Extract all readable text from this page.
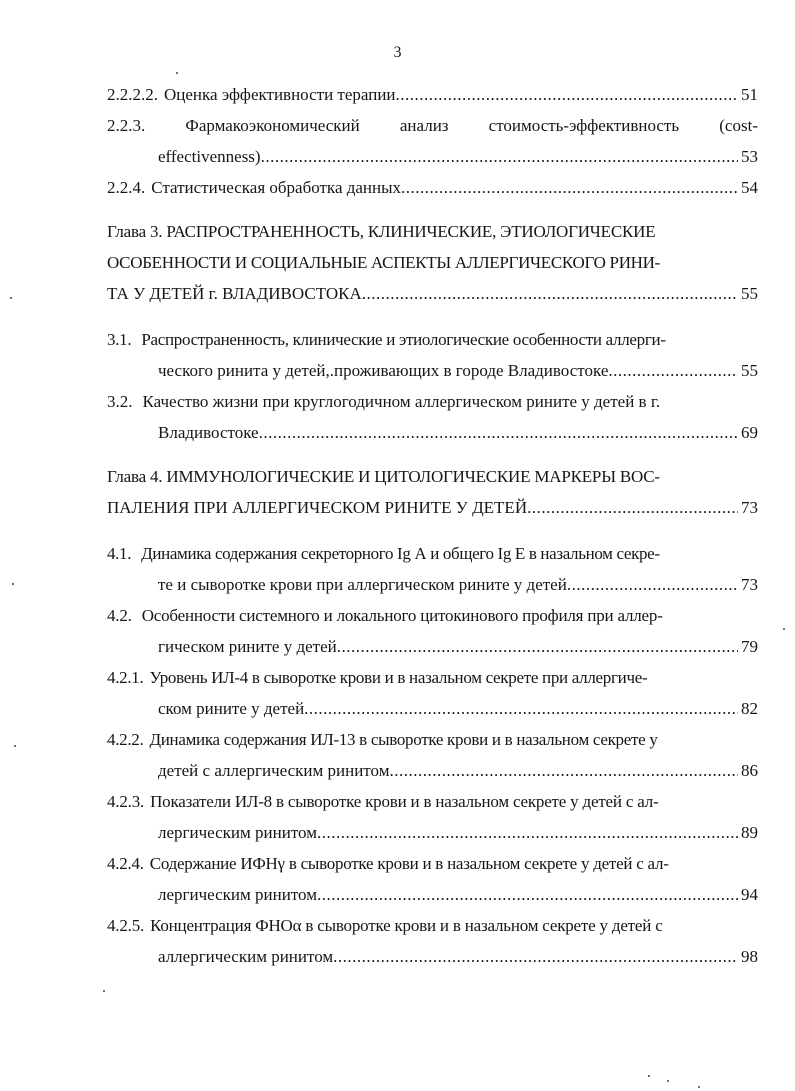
3
2.2.2.2. Оценка эффективности терапии .....	51
2.2.3. Фармакоэкономический анализ стоимость-эффективность (cost-
effectivenness) .....	53
2.2.4. Статистическая обработка данных .....	54
Глава 3. РАСПРОСТРАНЕННОСТЬ, КЛИНИЧЕСКИЕ, ЭТИОЛОГИЧЕСКИЕ
ОСОБЕННОСТИ И СОЦИАЛЬНЫЕ АСПЕКТЫ АЛЛЕРГИЧЕСКОГО РИНИ-
ТА У ДЕТЕЙ г. ВЛАДИВОСТОКА .....	55
3.1. Распространенность, клинические и этиологические особенности аллерги-
ческого ринита у детей,.проживающих в городе Владивостоке .....	55
3.2. Качество жизни при круглогодичном аллергическом рините у детей в г.
Владивостоке .....	69
Глава 4. ИММУНОЛОГИЧЕСКИЕ И ЦИТОЛОГИЧЕСКИЕ МАРКЕРЫ ВОС-
ПАЛЕНИЯ ПРИ АЛЛЕРГИЧЕСКОМ РИНИТЕ У ДЕТЕЙ .....	73
4.1. Динамика содержания секреторного Ig А и общего Ig Е в назальном секре-
те и сыворотке крови при аллергическом рините у детей .....	73
4.2. Особенности системного и локального цитокинового профиля при аллер-
гическом рините у детей .....	79
4.2.1. Уровень ИЛ-4 в сыворотке крови и в назальном секрете при аллергиче-
ском рините у детей .....	82
4.2.2. Динамика содержания ИЛ-13 в сыворотке крови и в назальном секрете у
детей с аллергическим ринитом .....	86
4.2.3. Показатели ИЛ-8 в сыворотке крови и в назальном секрете у детей с ал-
лергическим ринитом .....	89
4.2.4. Содержание ИФНγ в сыворотке крови и в назальном секрете у детей с ал-
лергическим ринитом .....	94
4.2.5. Концентрация ФНОα в сыворотке крови и в назальном секрете у детей с
аллергическим ринитом .....	98
